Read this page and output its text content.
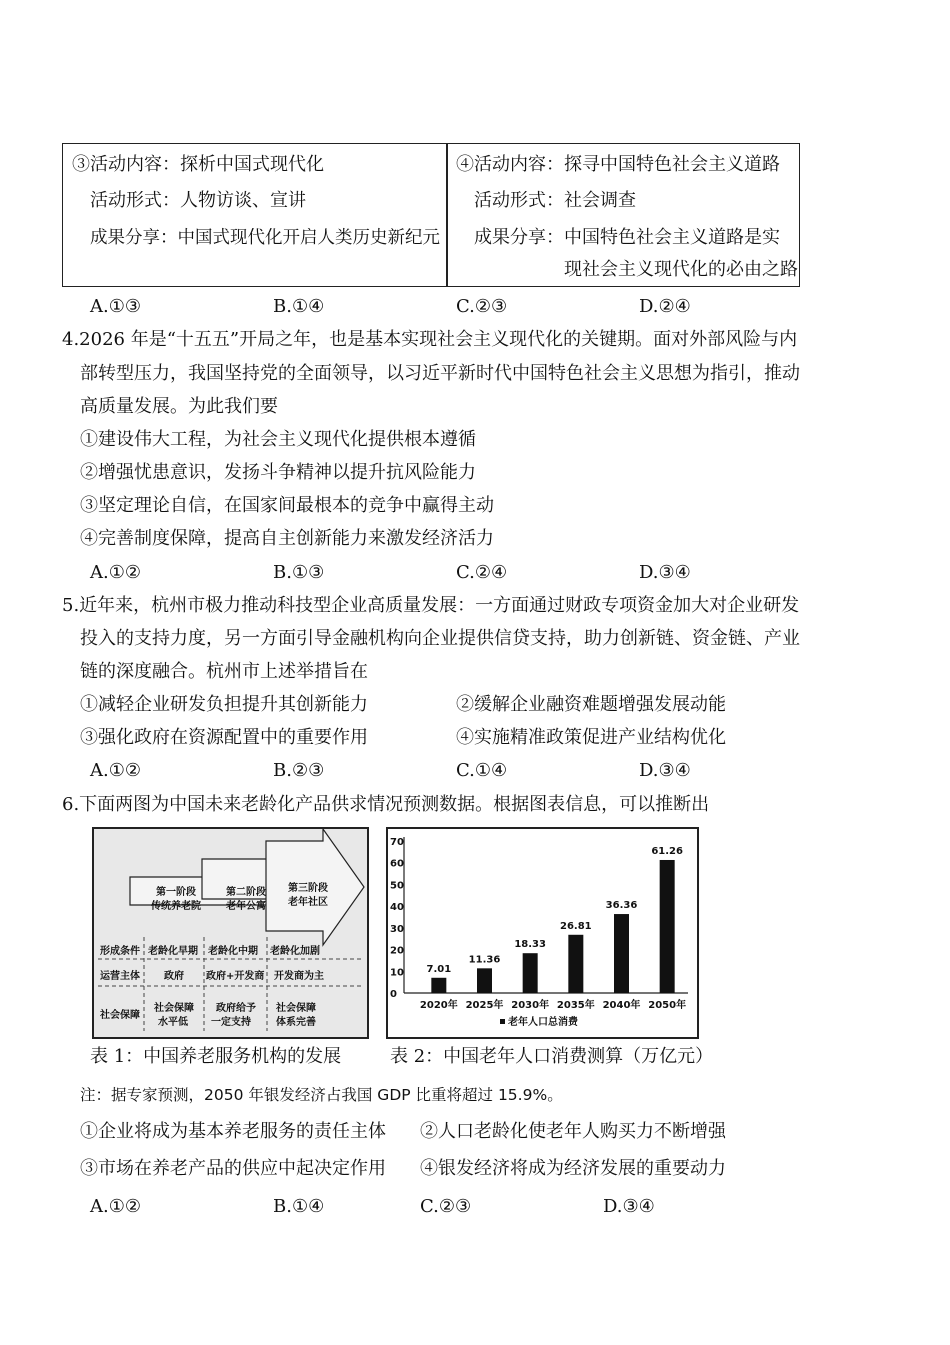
③活动内容：探析中国式现代化
活动形式：人物访谈、宣讲
成果分享：中国式现代化开启人类历史新纪元
④活动内容：探寻中国特色社会主义道路
活动形式：社会调查
成果分享：中国特色社会主义道路是实
现社会主义现代化的必由之路
A.①③	B.①④	C.②③	D.②④
4.2026 年是“十五五”开局之年，也是基本实现社会主义现代化的关键期。面对外部风险与内
部转型压力，我国坚持党的全面领导，以习近平新时代中国特色社会主义思想为指引，推动
高质量发展。为此我们要
①建设伟大工程，为社会主义现代化提供根本遵循
②增强忧患意识，发扬斗争精神以提升抗风险能力
③坚定理论自信，在国家间最根本的竞争中赢得主动
④完善制度保障，提高自主创新能力来激发经济活力
A.①②	B.①③	C.②④	D.③④
5.近年来，杭州市极力推动科技型企业高质量发展：一方面通过财政专项资金加大对企业研发
投入的支持力度，另一方面引导金融机构向企业提供信贷支持，助力创新链、资金链、产业
链的深度融合。杭州市上述举措旨在
①减轻企业研发负担提升其创新能力	②缓解企业融资难题增强发展动能
③强化政府在资源配置中的重要作用	④实施精准政策促进产业结构优化
A.①②	B.②③	C.①④	D.③④
6.下面两图为中国未来老龄化产品供求情况预测数据。根据图表信息，可以推断出
第一阶段
传统养老院
第二阶段
老年公寓
第三阶段
老年社区
形成条件
运营主体
社会保障
老龄化早期 老龄化中期 老龄化加剧
政府 政府+开发商 开发商为主
社会保障
水平低
政府给予
一定支持
社会保障
体系完善
0
10
20
30
40
50
60
70
7.01
2020年
11.36
2025年
18.33
2030年
26.81
2035年
36.36
2040年
61.26
2050年
老年人口总消费
表 1：中国养老服务机构的发展	表 2：中国老年人口消费测算（万亿元）
注：据专家预测，2050 年银发经济占我国 GDP 比重将超过 15.9%。
①企业将成为基本养老服务的责任主体 ②人口老龄化使老年人购买力不断增强
③市场在养老产品的供应中起决定作用 ④银发经济将成为经济发展的重要动力
A.①②	B.①④	C.②③	D.③④
